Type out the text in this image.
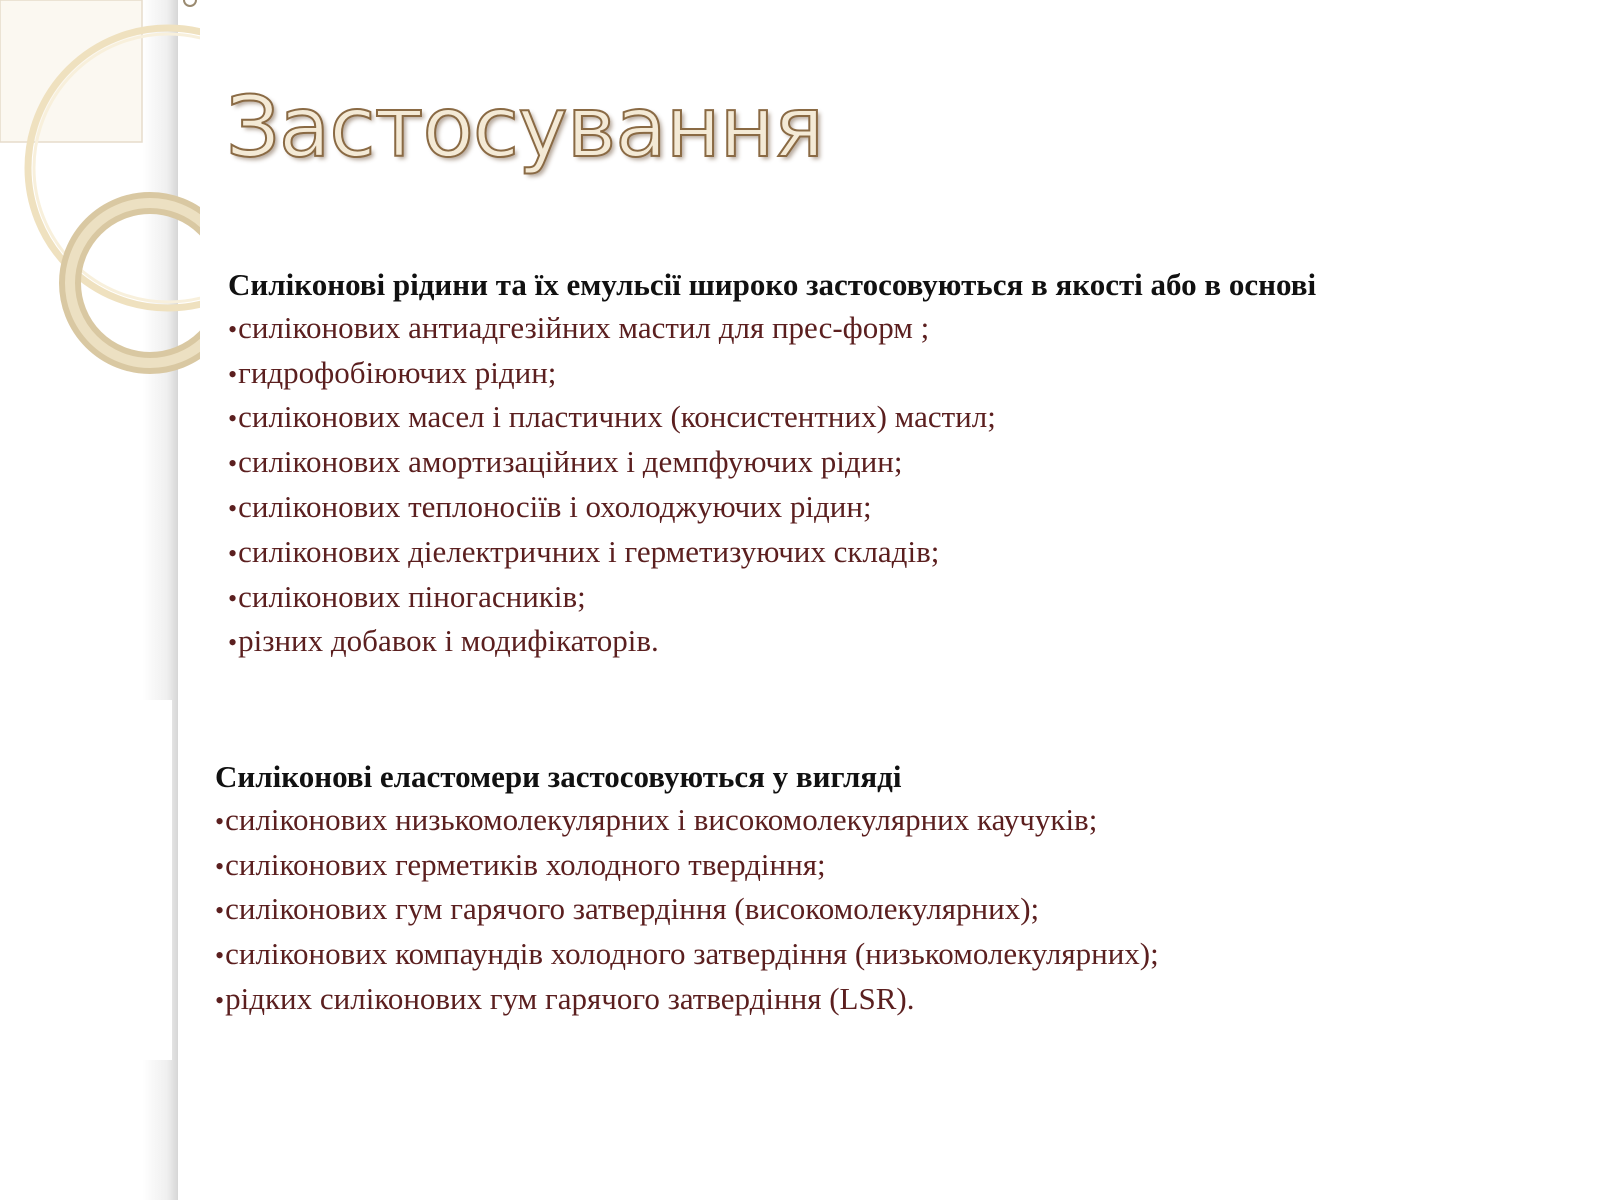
Застосування
Силіконові рідини та їх емульсії широко застосовуються в якості або в основі
•силіконових антиадгезійних мастил для прес-форм ;
•гидрофобіюючих рідин;
•силіконових масел і пластичних (консистентних) мастил;
•силіконових амортизаційних і демпфуючих рідин;
•силіконових теплоносіїв і охолоджуючих рідин;
•силіконових діелектричних і герметизуючих складів;
•силіконових піногасників;
•різних добавок і модифікаторів.
Силіконові еластомери застосовуються у вигляді
•силіконових низькомолекулярних і високомолекулярних каучуків;
•силіконових герметиків холодного твердіння;
•силіконових гум гарячого затвердіння (високомолекулярних);
•силіконових компаундів холодного затвердіння (низькомолекулярних);
•рідких силіконових гум гарячого затвердіння (LSR).
